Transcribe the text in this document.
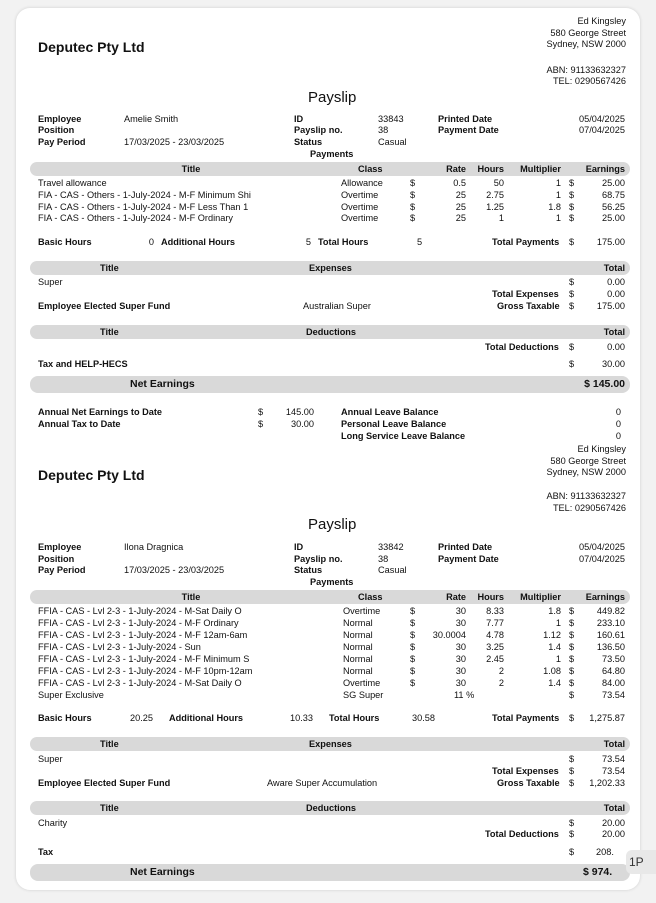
Ed Kingsley
580 George Street
Sydney, NSW 2000
Deputec Pty Ltd
ABN: 91133632327
TEL: 0290567426
Payslip
Employee	Amelie Smith
Position
Pay Period	17/03/2025 - 23/03/2025
ID	33843
Payslip no.	38
Status	Casual
Printed Date	05/04/2025
Payment Date	07/04/2025
Payments
Title	Class	Rate	Hours	Multiplier	Earnings
Travel allowance	Allowance	$	0.5	50	1 $	25.00
FIA - CAS - Others - 1-July-2024 - M-F Minimum Shi	Overtime	$	25	2.75	1 $	68.75
FIA - CAS - Others - 1-July-2024 - M-F Less Than 1	Overtime	$	25	1.25	1.8 $	56.25
FIA - CAS - Others - 1-July-2024 - M-F Ordinary	Overtime	$	25	1	1 $	25.00
Basic Hours	0 Additional Hours	5 Total Hours	5	Total Payments $	175.00
Title	Expenses	Total
Super	$	0.00
Total Expenses $	0.00
Employee Elected Super Fund	Australian Super	Gross Taxable $	175.00
Title	Deductions	Total
Total Deductions $	0.00
Tax and HELP-HECS	$	30.00
Net Earnings	$ 145.00
Annual Net Earnings to Date	$	145.00
Annual Tax to Date	$	30.00
Annual Leave Balance	0
Personal Leave Balance	0
Long Service Leave Balance	0
Ed Kingsley
580 George Street
Sydney, NSW 2000
Deputec Pty Ltd
ABN: 91133632327
TEL: 0290567426
Payslip
Employee	Ilona Dragnica
Position
Pay Period	17/03/2025 - 23/03/2025
ID	33842
Payslip no.	38
Status	Casual
Printed Date	05/04/2025
Payment Date	07/04/2025
Payments
Title	Class	Rate	Hours	Multiplier	Earnings
FFIA - CAS - Lvl 2-3 - 1-July-2024 - M-Sat Daily O	Overtime	$	30	8.33	1.8 $	449.82
FFIA - CAS - Lvl 2-3 - 1-July-2024 - M-F Ordinary	Normal	$	30	7.77	1 $	233.10
FFIA - CAS - Lvl 2-3 - 1-July-2024 - M-F 12am-6am	Normal	$	30.0004	4.78	1.12 $	160.61
FFIA - CAS - Lvl 2-3 - 1-July-2024 - Sun	Normal	$	30	3.25	1.4 $	136.50
FFIA - CAS - Lvl 2-3 - 1-July-2024 - M-F Minimum S	Normal	$	30	2.45	1 $	73.50
FFIA - CAS - Lvl 2-3 - 1-July-2024 - M-F 10pm-12am	Normal	$	30	2	1.08 $	64.80
FFIA - CAS - Lvl 2-3 - 1-July-2024 - M-Sat Daily O	Overtime	$	30	2	1.4 $	84.00
Super Exclusive	SG Super	11 %	$	73.54
Basic Hours	20.25 Additional Hours	10.33 Total Hours	30.58	Total Payments $	1,275.87
Title	Expenses	Total
Super	$	73.54
Total Expenses $	73.54
Employee Elected Super Fund	Aware Super Accumulation	Gross Taxable $	1,202.33
Title	Deductions	Total
Charity	$	20.00
Total Deductions $	20.00
Tax	$ 208.
Net Earnings	$ 974.
1P
